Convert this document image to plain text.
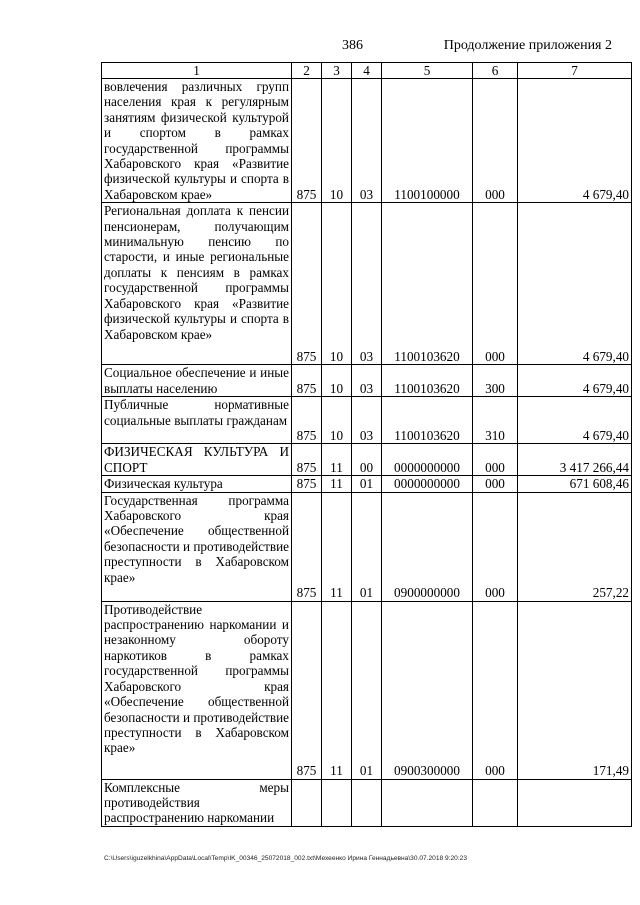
386	Продолжение приложения 2
1	2	3	4	5	6	7
вовлечения различных групп населения края к регулярным занятиям физической культурой и спортом в рамках государственной программы Хабаровского края «Развитие физической культуры и спорта в Хабаровском крае»	875	10	03	1100100000	000	4 679,40
Региональная доплата к пенсии пенсионерам, получающим минимальную пенсию по старости, и иные региональные доплаты к пенсиям в рамках государственной программы Хабаровского края «Развитие физической культуры и спорта в Хабаровском крае»	875	10	03	1100103620	000	4 679,40
Социальное обеспечение и иные выплаты населению	875	10	03	1100103620	300	4 679,40
Публичные нормативные социальные выплаты гражданам	875	10	03	1100103620	310	4 679,40
ФИЗИЧЕСКАЯ КУЛЬТУРА И СПОРТ	875	11	00	0000000000	000	3 417 266,44
Физическая культура	875	11	01	0000000000	000	671 608,46
Государственная программа Хабаровского края «Обеспечение общественной безопасности и противодействие преступности в Хабаровском крае»	875	11	01	0900000000	000	257,22
Противодействие распространению наркомании и незаконному обороту наркотиков в рамках государственной программы Хабаровского края «Обеспечение общественной безопасности и противодействие преступности в Хабаровском крае»	875	11	01	0900300000	000	171,49
Комплексные меры противодействия распространению наркомании						
C:\Users\iguzelkhina\AppData\Local\Temp\IK_00346_25072018_002.txt\Мехеенко Ирина Геннадьевна\30.07.2018 9:20:23
